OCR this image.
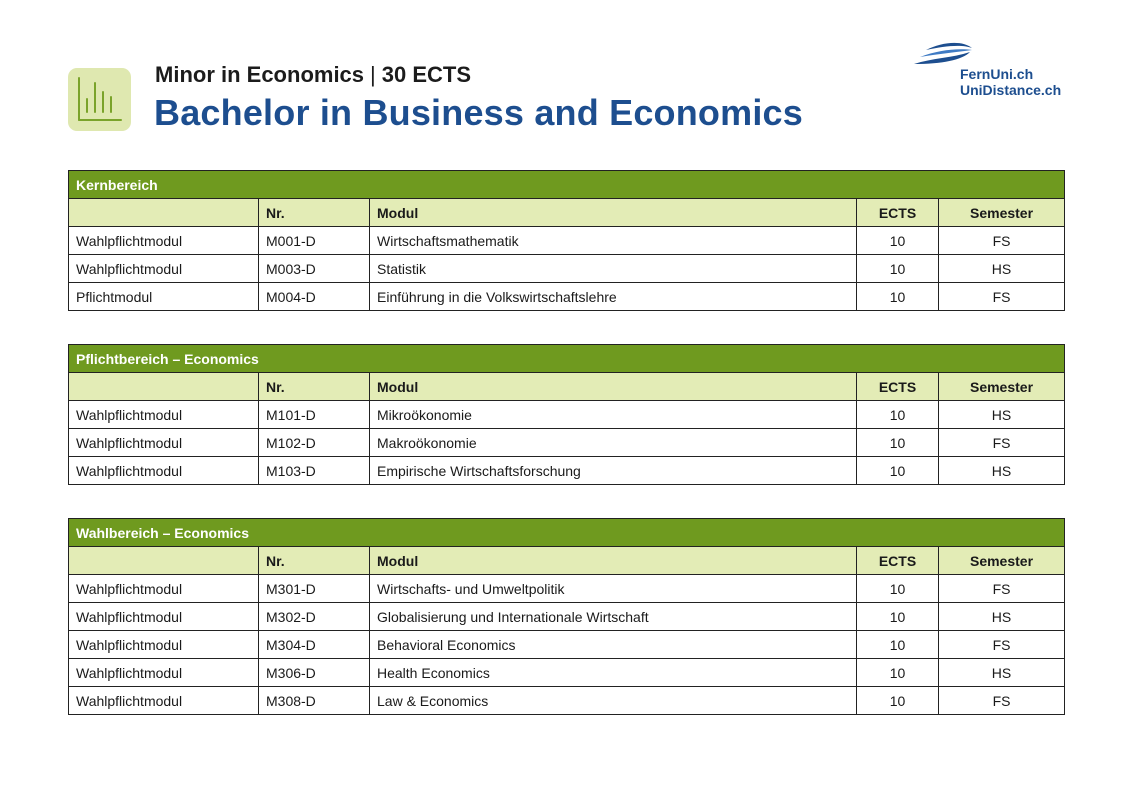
Minor in Economics | 30 ECTS
Bachelor in Business and Economics
FernUni.ch
UniDistance.ch
Kernbereich				
	Nr.	Modul	ECTS	Semester
Wahlpflichtmodul	M001-D	Wirtschaftsmathematik	10	FS
Wahlpflichtmodul	M003-D	Statistik	10	HS
Pflichtmodul	M004-D	Einführung in die Volkswirtschaftslehre	10	FS
Pflichtbereich – Economics				
	Nr.	Modul	ECTS	Semester
Wahlpflichtmodul	M101-D	Mikroökonomie	10	HS
Wahlpflichtmodul	M102-D	Makroökonomie	10	FS
Wahlpflichtmodul	M103-D	Empirische Wirtschaftsforschung	10	HS
Wahlbereich – Economics				
	Nr.	Modul	ECTS	Semester
Wahlpflichtmodul	M301-D	Wirtschafts- und Umweltpolitik	10	FS
Wahlpflichtmodul	M302-D	Globalisierung und Internationale Wirtschaft	10	HS
Wahlpflichtmodul	M304-D	Behavioral Economics	10	FS
Wahlpflichtmodul	M306-D	Health Economics	10	HS
Wahlpflichtmodul	M308-D	Law & Economics	10	FS
